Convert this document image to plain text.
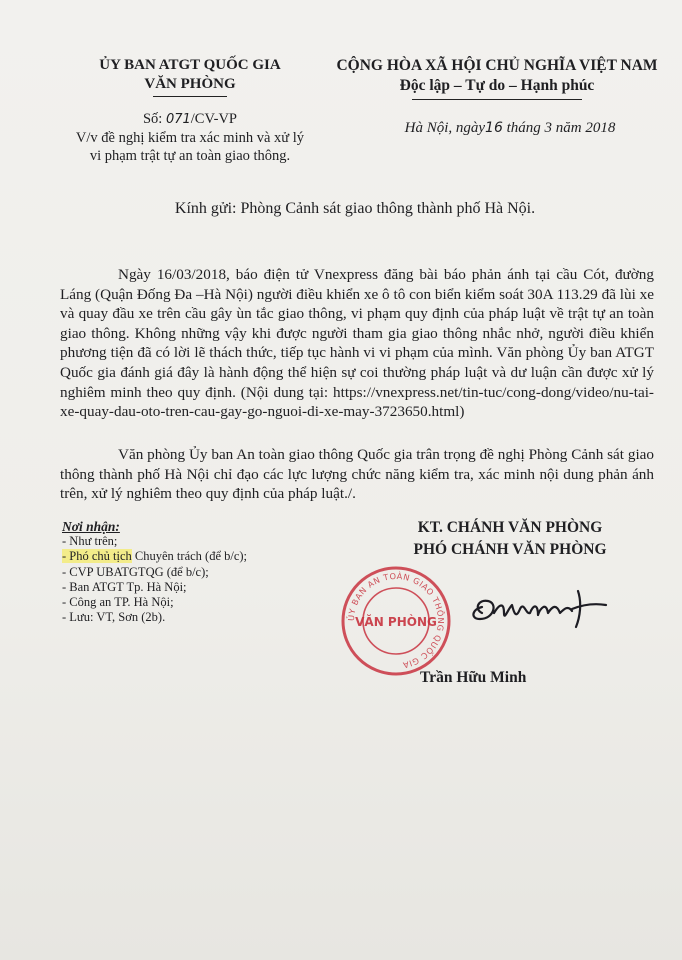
ỦY BAN ATGT QUỐC GIA
VĂN PHÒNG
Số: 071/CV-VP
V/v đề nghị kiểm tra xác minh và xử lý
vi phạm trật tự an toàn giao thông.
CỘNG HÒA XÃ HỘI CHỦ NGHĨA VIỆT NAM
Độc lập – Tự do – Hạnh phúc
Hà Nội, ngày16 tháng 3 năm 2018
Kính gửi: Phòng Cảnh sát giao thông thành phố Hà Nội.
Ngày 16/03/2018, báo điện tử Vnexpress đăng bài báo phản ánh tại cầu Cót, đường Láng (Quận Đống Đa –Hà Nội) người điều khiển xe ô tô con biển kiểm soát 30A 113.29 đã lùi xe và quay đầu xe trên cầu gây ùn tắc giao thông, vi phạm quy định của pháp luật về trật tự an toàn giao thông. Không những vậy khi được người tham gia giao thông nhắc nhở, người điều khiển phương tiện đã có lời lẽ thách thức, tiếp tục hành vi vi phạm của mình. Văn phòng Ủy ban ATGT Quốc gia đánh giá đây là hành động thể hiện sự coi thường pháp luật và dư luận cần được xử lý nghiêm minh theo quy định. (Nội dung tại: https://vnexpress.net/tin-tuc/cong-dong/video/nu-tai-xe-quay-dau-oto-tren-cau-gay-go-nguoi-di-xe-may-3723650.html)
Văn phòng Ủy ban An toàn giao thông Quốc gia trân trọng đề nghị Phòng Cảnh sát giao thông thành phố Hà Nội chỉ đạo các lực lượng chức năng kiểm tra, xác minh nội dung phản ánh trên, xử lý nghiêm theo quy định của pháp luật./.
Nơi nhận:
- Như trên;
- Phó chủ tịch Chuyên trách (để b/c);
- CVP UBATGTQG (để b/c);
- Ban ATGT Tp. Hà Nội;
- Công an TP. Hà Nội;
- Lưu: VT, Sơn (2b).
KT. CHÁNH VĂN PHÒNG
PHÓ CHÁNH VĂN PHÒNG
ỦY BAN AN TOÀN GIAO THÔNG QUỐC GIA
VĂN PHÒNG
Trần Hữu Minh
